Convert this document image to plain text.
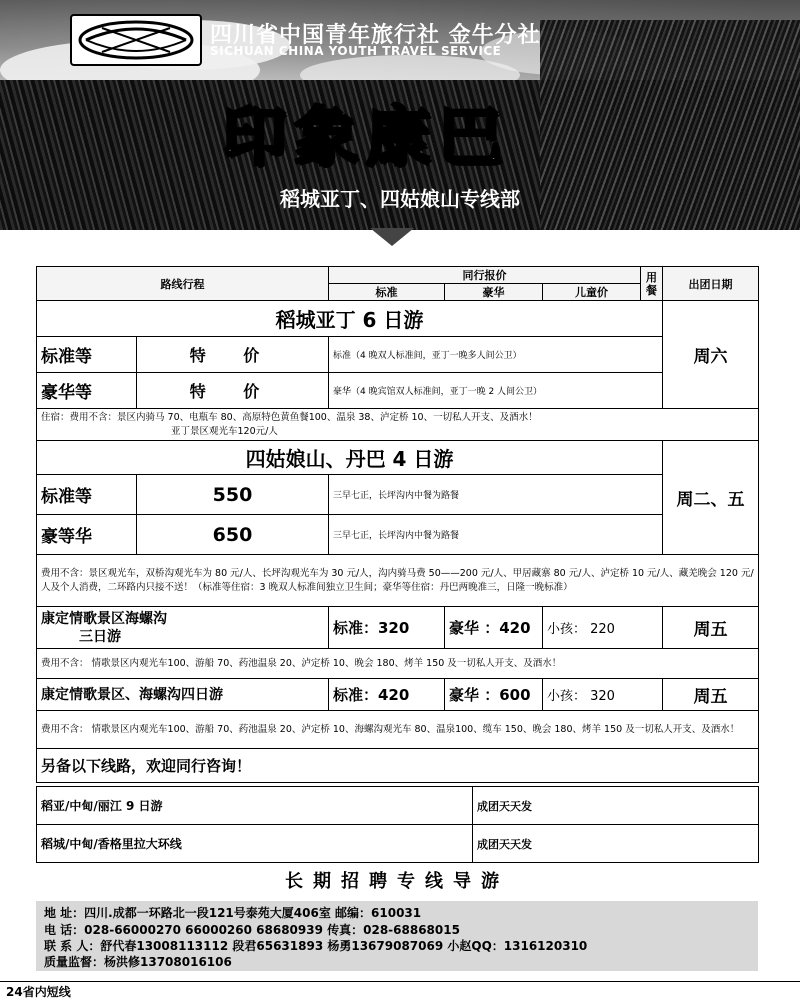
四川省中国青年旅行社 金牛分社
SICHUAN CHINA YOUTH TRAVEL SERVICE
印象康巴
稻城亚丁、四姑娘山专线部
路线行程		同行报价			用餐	出团日期
		标准	豪华	儿童价		
稻城亚丁 6 日游						周六
标准等	特 价	标准（4 晚双人标准间，亚丁一晚多人间公卫）				
豪华等	特 价	豪华（4 晚宾馆双人标准间，亚丁一晚 2 人间公卫）				

住宿：费用不含：景区内骑马 70、电瓶车 80、高原特色黄鱼餐100、温泉 38、泸定桥 10、一切私人开支、及酒水！
亚丁景区观光车120元/人						

四姑娘山、丹巴 4 日游						周二、五
标准等	550	三早七正，长坪沟内中餐为路餐				
豪等华	650	三早七正，长坪沟内中餐为路餐				
费用不含：景区观光车，双桥沟观光车为 80 元/人、长坪沟观光车为 30 元/人，沟内骑马费 50——200 元/人、甲居藏寨 80 元/人、泸定桥 10 元/人、藏羌晚会 120 元/人及个人消费，二环路内只接不送！（标准等住宿：3 晚双人标准间独立卫生间；豪华等住宿：丹巴两晚准三，日隆一晚标准）						

康定情歌景区海螺沟
三日游		标准：320	豪华 ：420	小孩： 220		周五
费用不含： 情歌景区内观光车100、游船 70、药池温泉 20、泸定桥 10、晚会 180、烤羊 150 及一切私人开支、及酒水！						
康定情歌景区、海螺沟四日游		标准：420	豪华 ：600	小孩： 320		周五
费用不含： 情歌景区内观光车100、游船 70、药池温泉 20、泸定桥 10、海螺沟观光车 80、温泉100、缆车 150、晚会 180、烤羊 150 及一切私人开支、及酒水！						
另备以下线路，欢迎同行咨询！						
稻亚/中甸/丽江 9 日游	成团天天发
稻城/中甸/香格里拉大环线	成团天天发
长期招聘专线导游
地 址：四川.成都一环路北一段121号泰苑大厦406室 邮编：610031
电 话：028-66000270 66000260 68680939 传真：028-68868015
联 系 人：舒代春13008113112 段君65631893 杨勇13679087069 小赵QQ：1316120310
质量监督：杨洪修13708016106
24省内短线
